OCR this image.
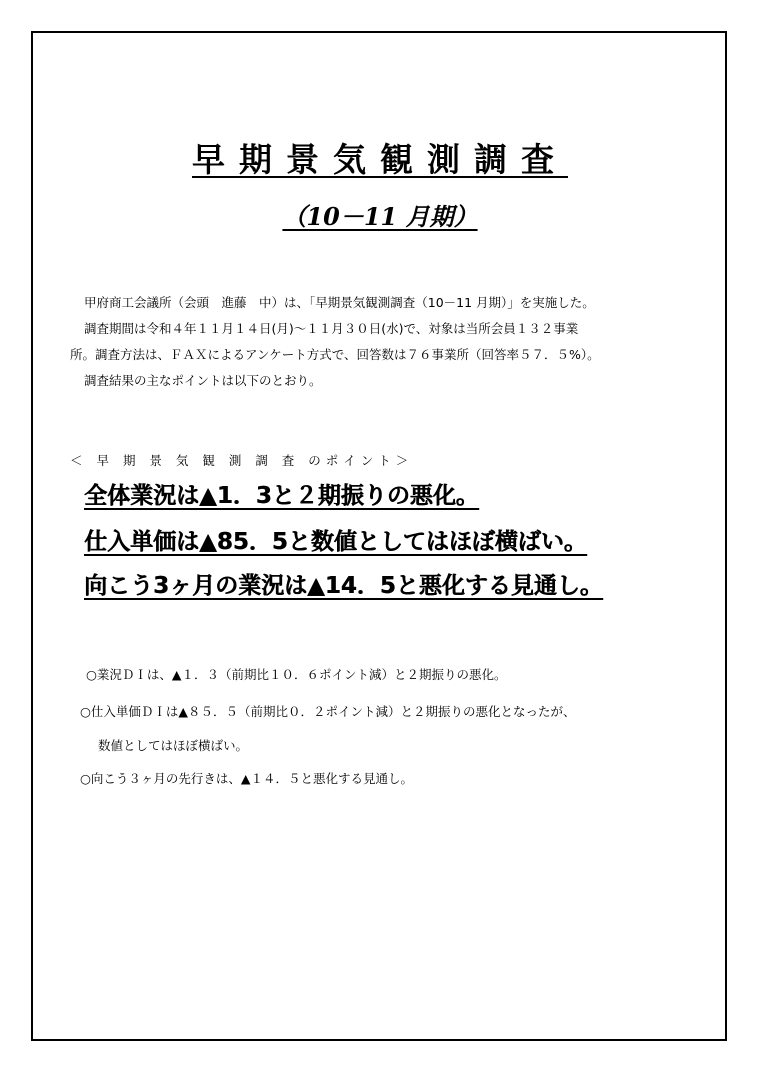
早期景気観測調査
（10－11 月期）

甲府商工会議所（会頭　進藤　中）は、「早期景気観測調査（10－11 月期）」を実施した。

調査期間は令和４年１１月１４日(月)～１１月３０日(水)で、対象は当所会員１３２事業

所。調査方法は、ＦＡＸによるアンケート方式で、回答数は７６事業所（回答率５７．５%）。

調査結果の主なポイントは以下のとおり。

＜ 早 期 景 気 観 測 調 査 のポイント＞
全体業況は▲1．3と２期振りの悪化。
仕入単価は▲85．5と数値としてはほぼ横ばい。
向こう3ヶ月の業況は▲14．5と悪化する見通し。
○業況ＤＩは、▲１．３（前期比１０．６ポイント減）と２期振りの悪化。
○仕入単価ＤＩは▲８５．５（前期比０．２ポイント減）と２期振りの悪化となったが、
数値としてはほぼ横ばい。
○向こう３ヶ月の先行きは、▲１４．５と悪化する見通し。
